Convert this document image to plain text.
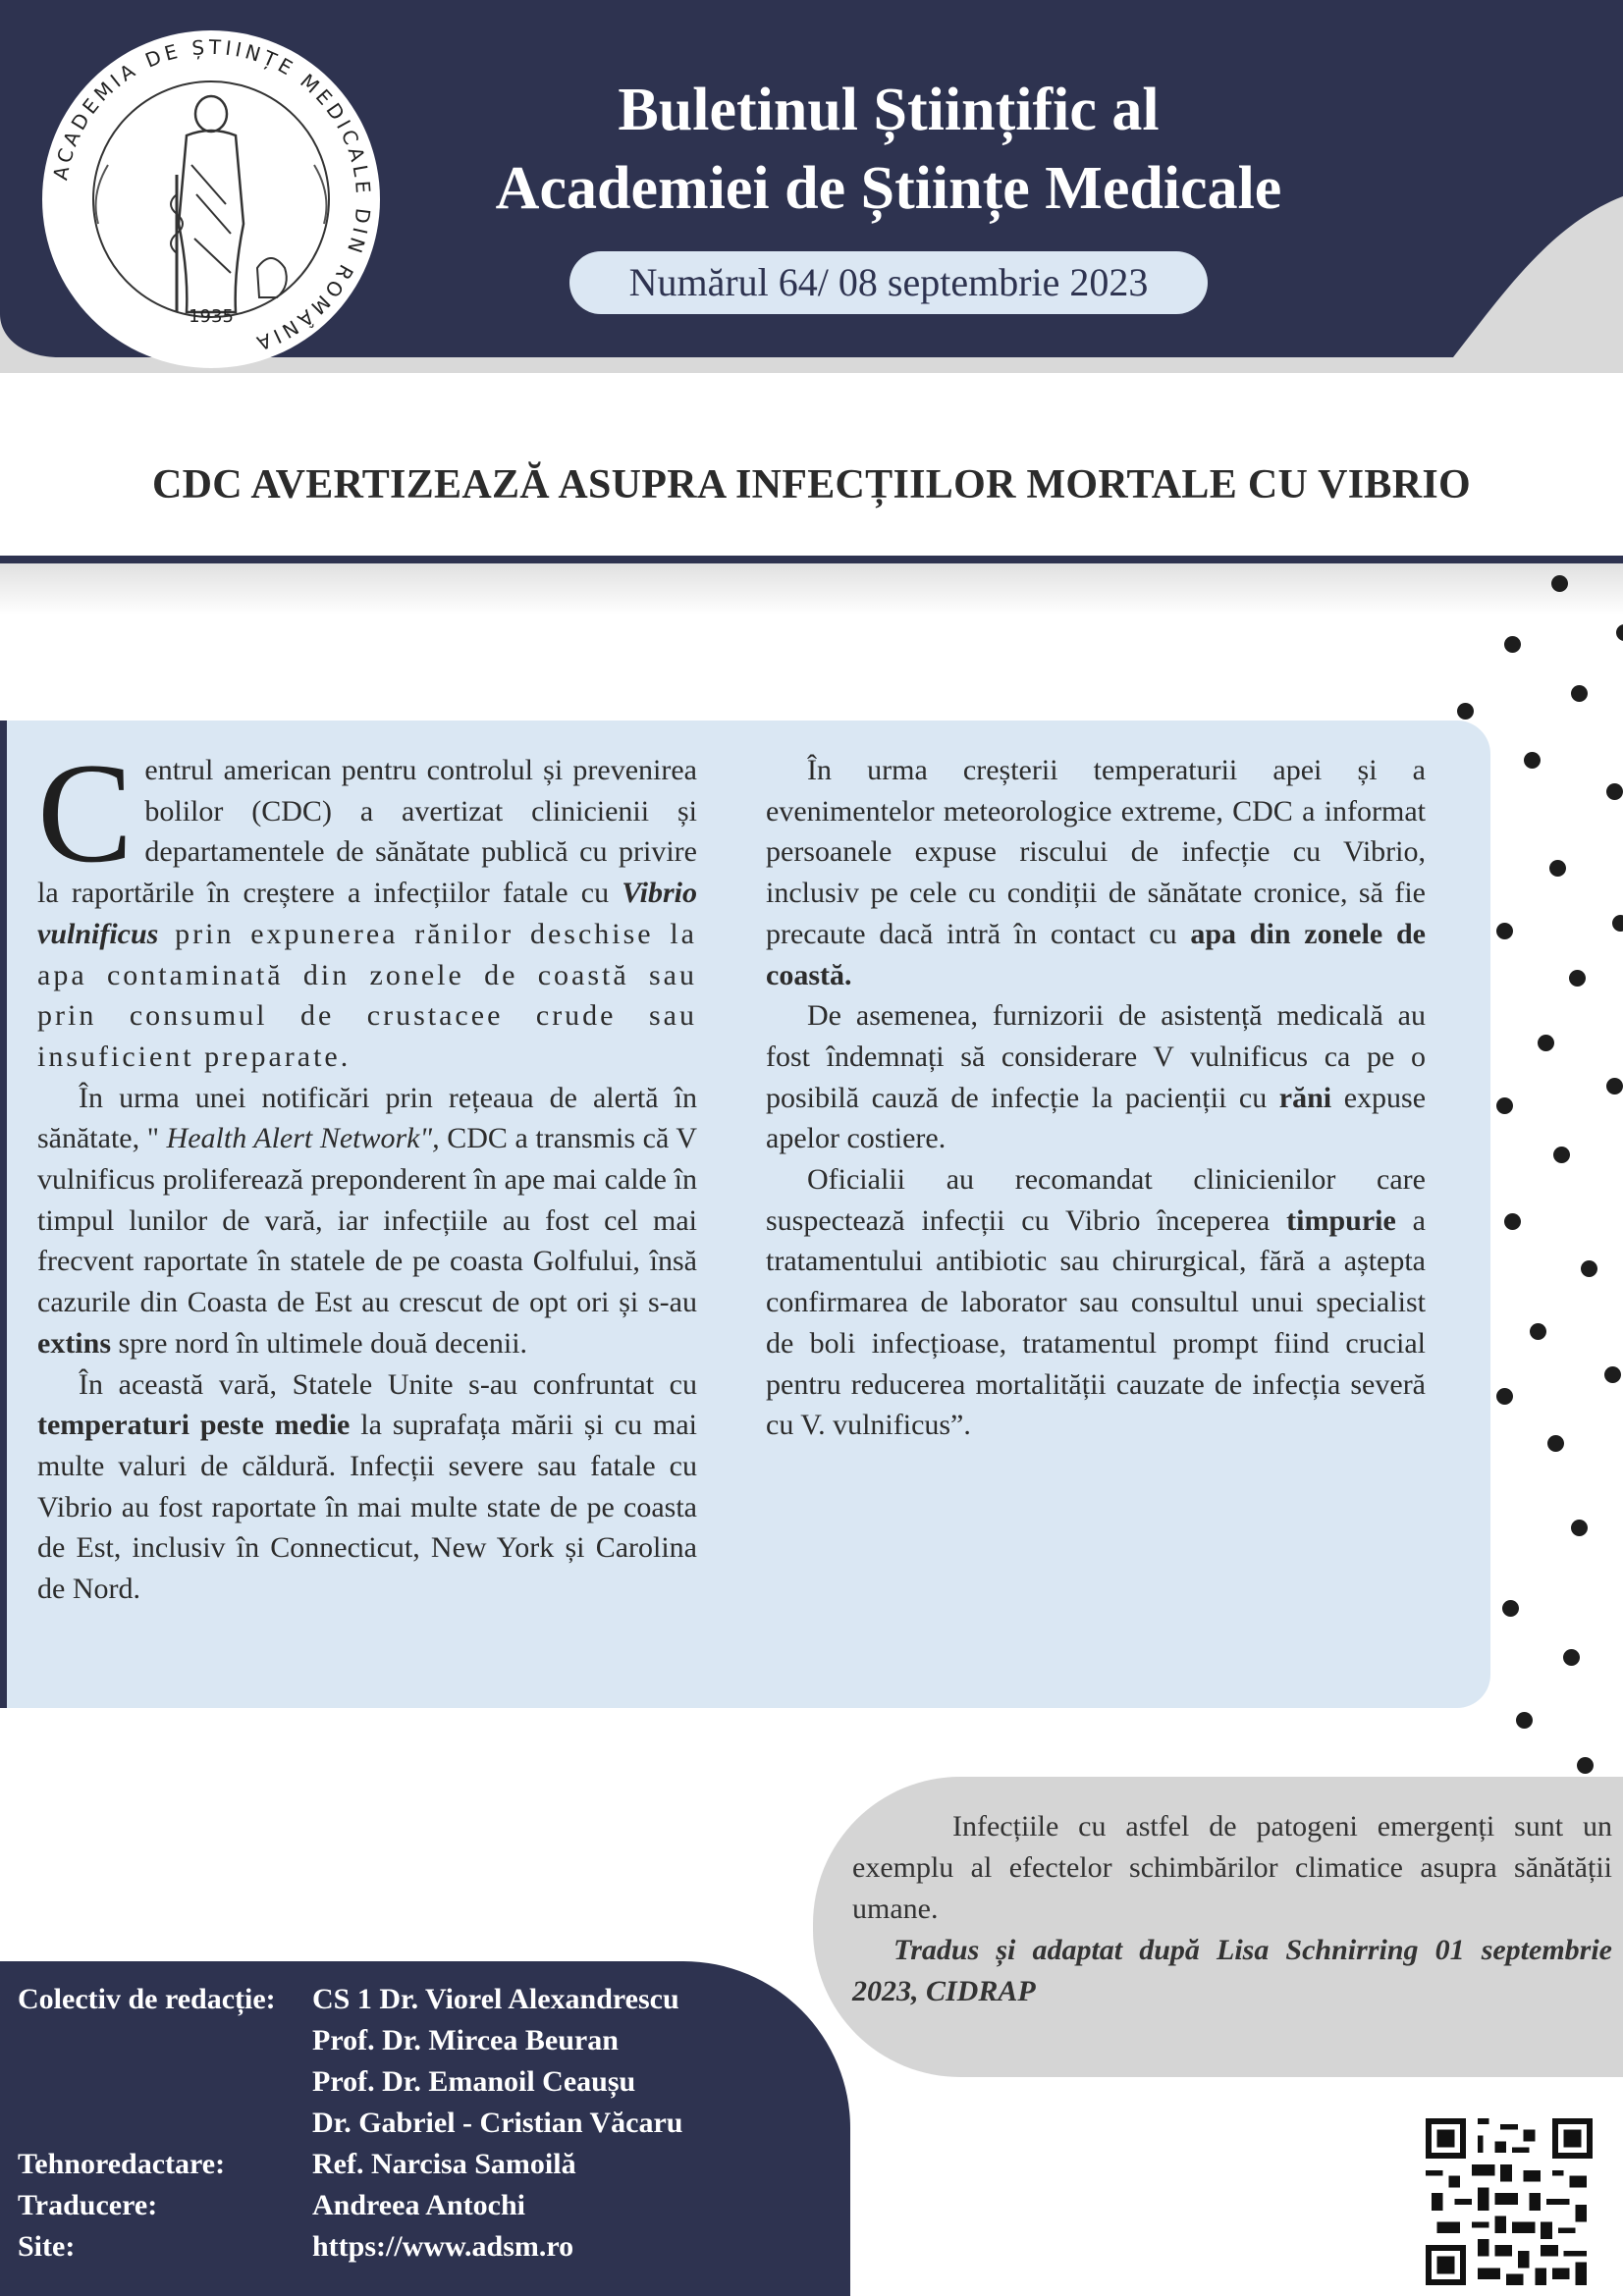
ACADEMIA DE ȘTIINȚE MEDICALE DIN ROMÂNIA
1935
Buletinul Științific al
Academiei de Științe Medicale
Numărul 64/ 08 septembrie 2023
CDC AVERTIZEAZĂ ASUPRA INFECȚIILOR MORTALE CU VIBRIO

Centrul american pentru controlul și prevenirea bolilor (CDC) a avertizat clinicienii și departamentele de sănătate publică cu privire la raportările în creștere a infecțiilor fatale cu Vibrio vulnificus prin expunerea rănilor deschise la apa contaminată din zonele de coastă sau prin consumul de crustacee crude sau insuficient preparate.

În urma unei notificări prin rețeaua de alertă în sănătate, " Health Alert Network", CDC a transmis că V vulnificus proliferează preponderent în ape mai calde în timpul lunilor de vară, iar infecțiile au fost cel mai frecvent raportate în statele de pe coasta Golfului, însă cazurile din Coasta de Est au crescut de opt ori și s-au extins spre nord în ultimele două decenii.

În această vară, Statele Unite s-au confruntat cu temperaturi peste medie la suprafața mării și cu mai multe valuri de căldură. Infecții severe sau fatale cu Vibrio au fost raportate în mai multe state de pe coasta de Est, inclusiv în Connecticut, New York și Carolina de Nord.

În urma creșterii temperaturii apei și a evenimentelor meteorologice extreme, CDC a informat persoanele expuse riscului de infecție cu Vibrio, inclusiv pe cele cu condiții de sănătate cronice, să fie precaute dacă intră în contact cu apa din zonele de coastă.

De asemenea, furnizorii de asistență medicală au fost îndemnați să considerare V vulnificus ca pe o posibilă cauză de infecție la pacienții cu răni expuse apelor costiere.

Oficialii au recomandat clinicienilor care suspectează infecții cu Vibrio începerea timpurie a tratamentului antibiotic sau chirurgical, fără a aștepta confirmarea de laborator sau consultul unui specialist de boli infecțioase, tratamentul prompt fiind crucial pentru reducerea mortalității cauzate de infecția severă cu V. vulnificus”.

Infecțiile cu astfel de patogeni emergenți sunt un exemplu al efectelor schimbărilor climatice asupra sănătății umane.

Tradus și adaptat după Lisa Schnirring 01 septembrie 2023, CIDRAP

Colectiv de redacție:	CS 1 Dr. Viorel Alexandrescu
Prof. Dr. Mircea Beuran
Prof. Dr. Emanoil Ceaușu
Dr. Gabriel - Cristian Văcaru
Tehnoredactare:	Ref. Narcisa Samoilă
Traducere:	Andreea Antochi
Site:	https://www.adsm.ro
